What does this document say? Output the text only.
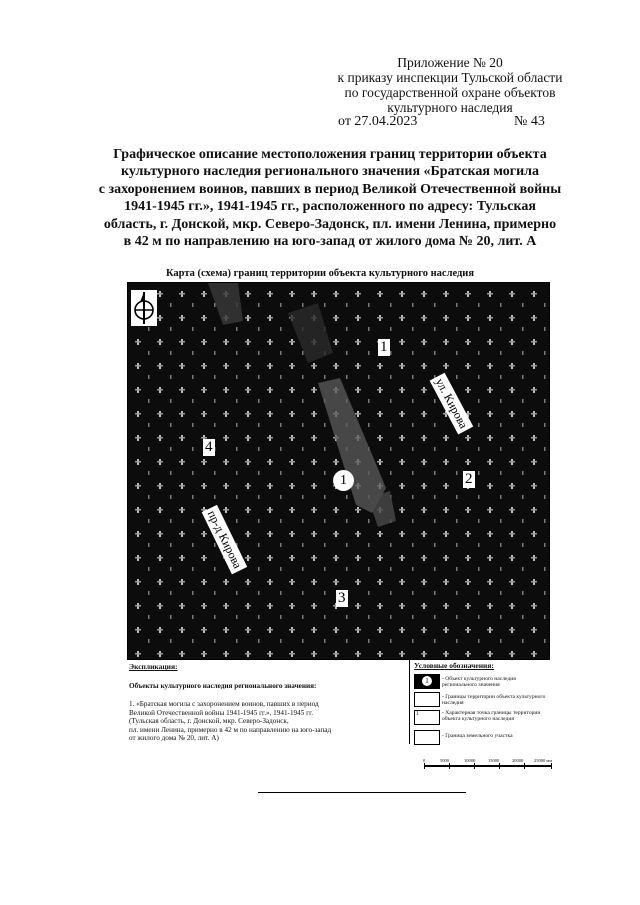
Приложение № 20
к приказу инспекции Тульской области
по государственной охране объектов
культурного наследия
от 27.04.2023	№ 43
Графическое описание местоположения границ территории объекта
культурного наследия регионального значения «Братская могила
с захоронением воинов, павших в период Великой Отечественной войны
1941-1945 гг.», 1941-1945 гг., расположенного по адресу: Тульская
область, г. Донской, мкр. Северо-Задонск, пл. имени Ленина, примерно
в 42 м по направлению на юго-запад от жилого дома № 20, лит. А
Карта (схема) границ территории объекта культурного наследия
1
2
3
4
1
ул. Кирова
пр-д Кирова
Экспликация:
Объекты культурного наследия регионального значения:
1. «Братская могила с захоронением воинов, павших в период
Великой Отечественной войны 1941-1945 гг.», 1941-1945 гг.
(Тульская область, г. Донской, мкр. Северо-Задонск,
пл. имени Ленина, примерно в 42 м по направлению на юго-запад
от жилого дома № 20, лит. А)
Условные обозначения:
1	- Объект культурного наследия регионального значения
- Границы территории объекта культурного наследия
1	- Характерная точка границы территории объекта культурного наследия
- Граница земельного участка
0	5000	10000	15000	20000 25000 мм
